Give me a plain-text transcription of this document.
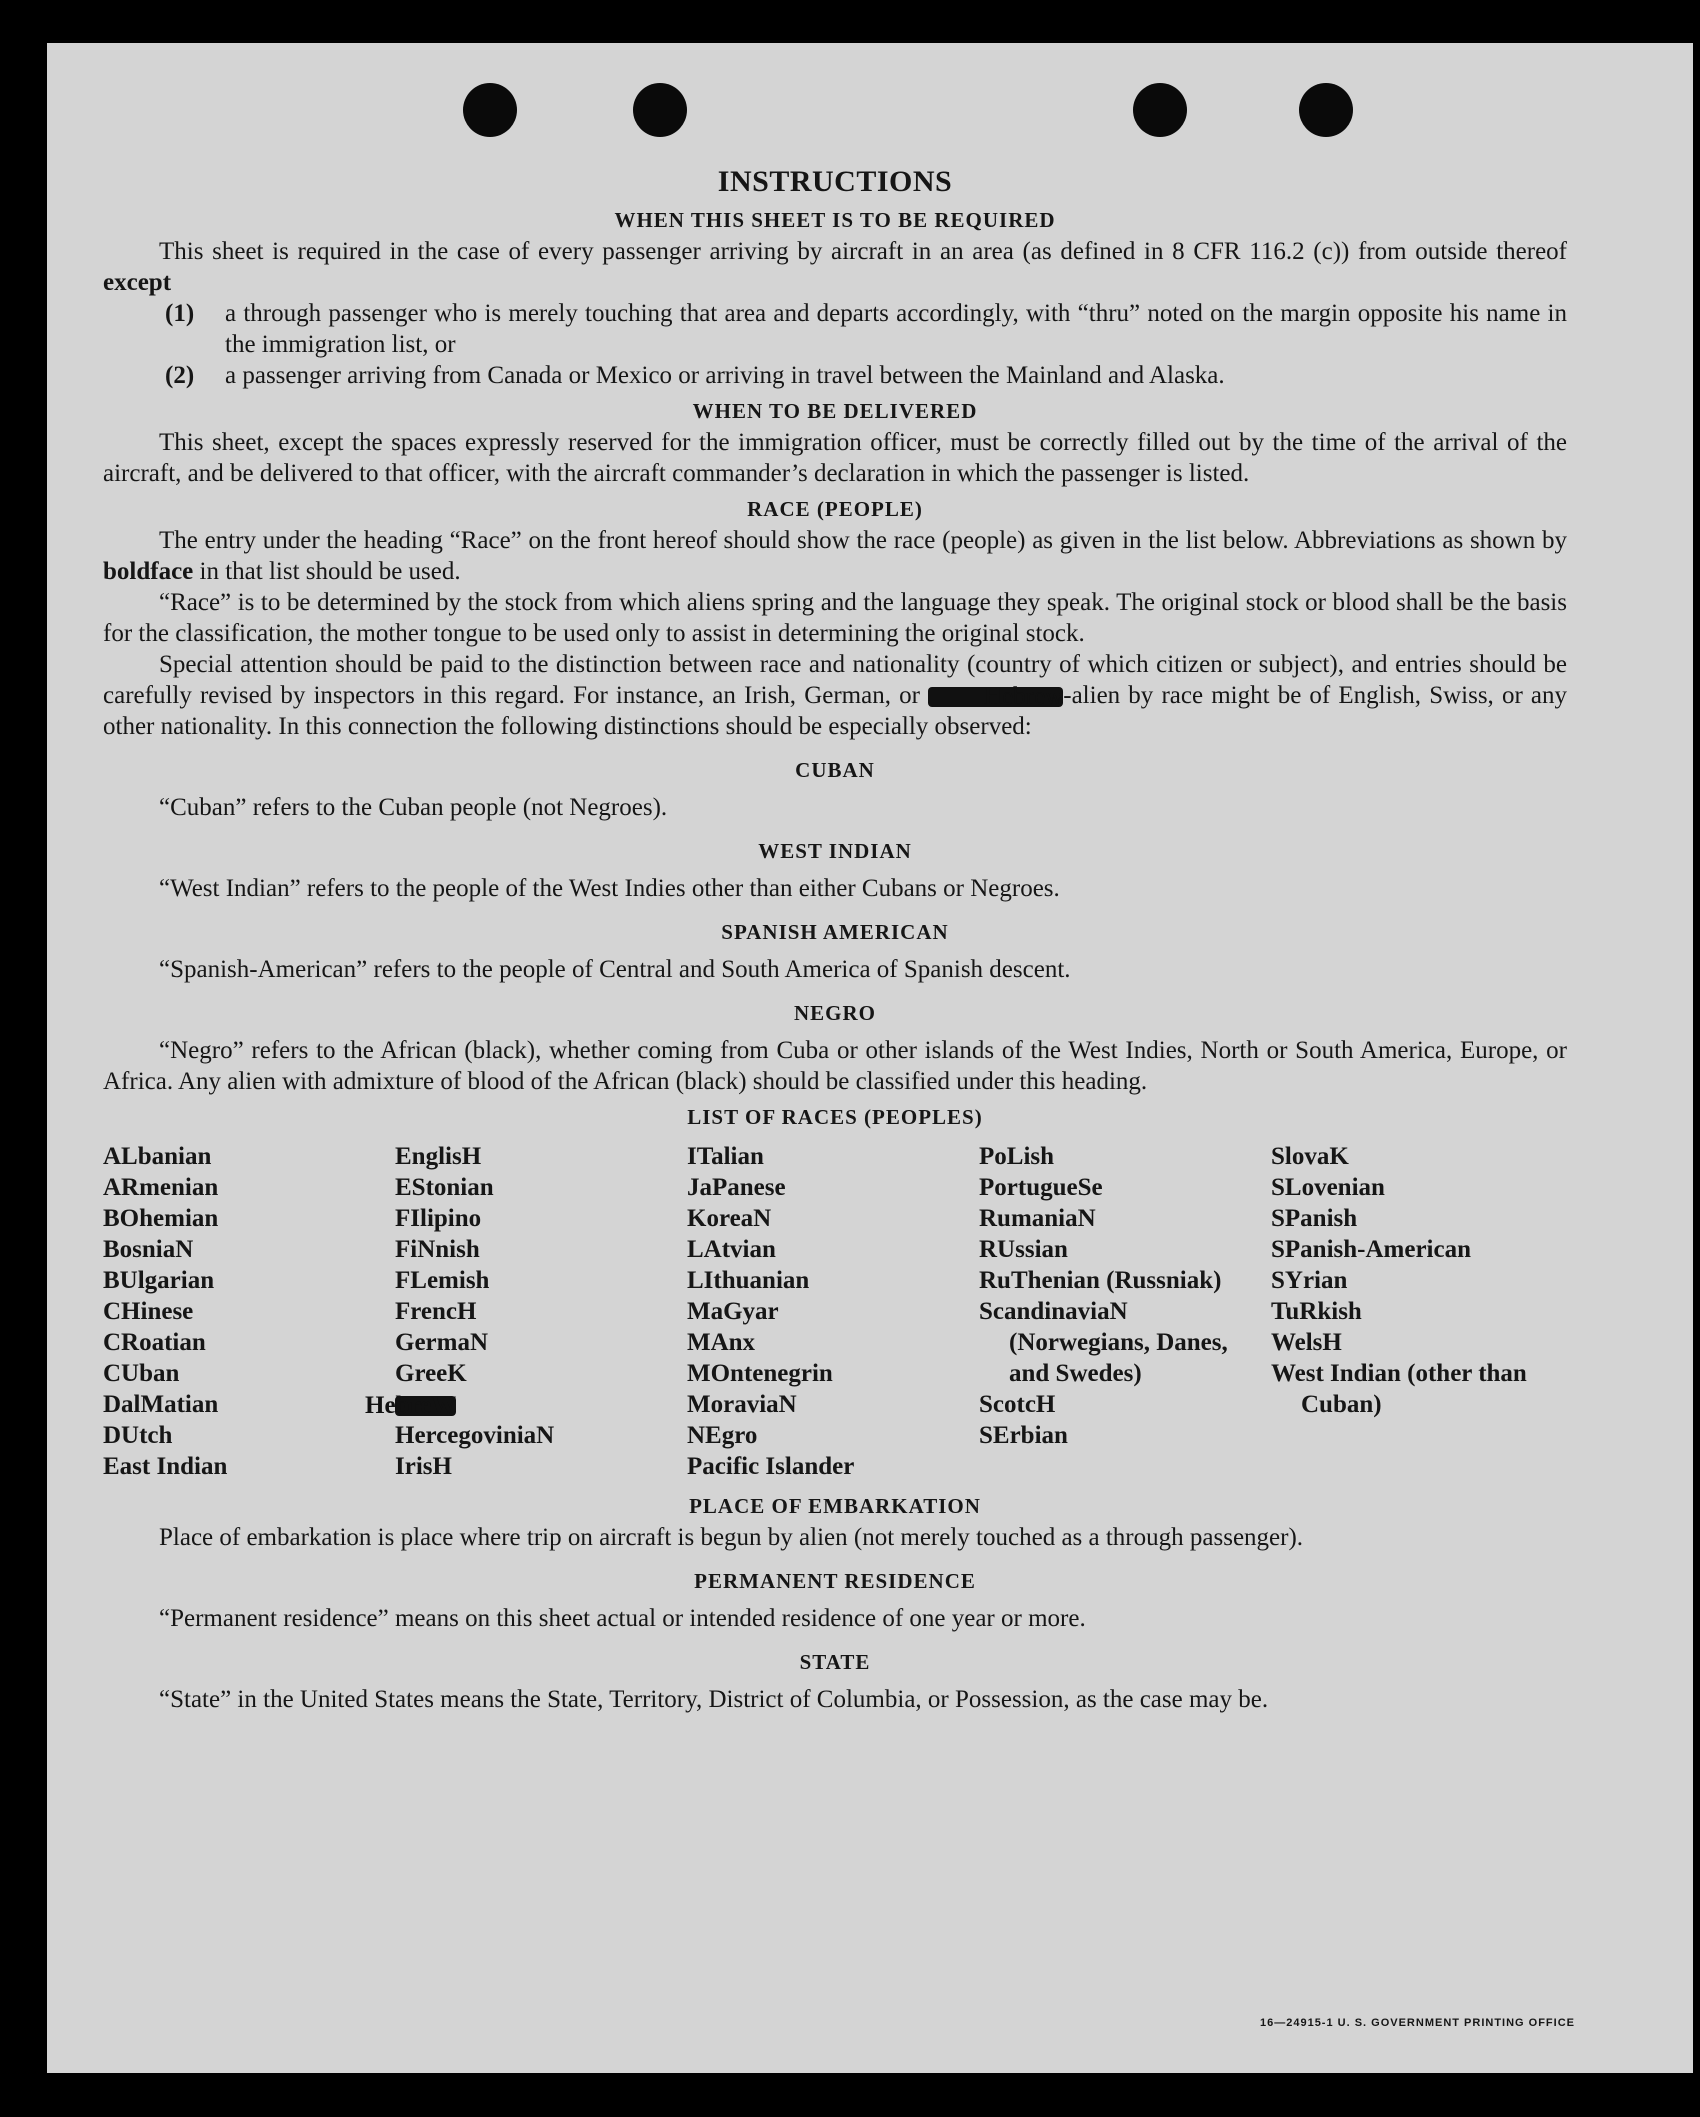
INSTRUCTIONS
WHEN THIS SHEET IS TO BE REQUIRED

This sheet is required in the case of every passenger arriving by aircraft in an area (as defined in 8 CFR 116.2 (c)) from outside thereof except

(1)	a through passenger who is merely touching that area and departs accordingly, with “thru” noted on the margin opposite his name in the immigration list, or
(2)	a passenger arriving from Canada or Mexico or arriving in travel between the Mainland and Alaska.
WHEN TO BE DELIVERED

This sheet, except the spaces expressly reserved for the immigration officer, must be correctly filled out by the time of the arrival of the aircraft, and be delivered to that officer, with the aircraft commander’s declaration in which the passenger is listed.

RACE (PEOPLE)

The entry under the heading “Race” on the front hereof should show the race (people) as given in the list below. Abbreviations as shown by boldface in that list should be used.

“Race” is to be determined by the stock from which aliens spring and the language they speak. The original stock or blood shall be the basis for the classification, the mother tongue to be used only to assist in determining the original stock.

Special attention should be paid to the distinction between race and nationality (country of which citizen or subject), and entries should be carefully revised by inspectors in this regard. For instance, an Irish, German, or	Hebrew-alien by race might be of English, Swiss, or any other nationality. In this connection the following distinctions should be especially observed:

CUBAN

“Cuban” refers to the Cuban people (not Negroes).

WEST INDIAN

“West Indian” refers to the people of the West Indies other than either Cubans or Negroes.

SPANISH AMERICAN

“Spanish-American” refers to the people of Central and South America of Spanish descent.

NEGRO

“Negro” refers to the African (black), whether coming from Cuba or other islands of the West Indies, North or South America, Europe, or Africa. Any alien with admixture of blood of the African (black) should be classified under this heading.

LIST OF RACES (PEOPLES)
ALbanian
ARmenian
BOhemian
BosniaN
BUlgarian
CHinese
CRoatian
CUban
DalMatian
DUtch
East Indian
EnglisH
EStonian
FIlipino
FiNnish
FLemish
FrencH
GermaN
GreeK
HebreW
HercegoviniaN
IrisH
ITalian
JaPanese
KoreaN
LAtvian
LIthuanian
MaGyar
MAnx
MOntenegrin
MoraviaN
NEgro
Pacific Islander
PoLish
PortugueSe
RumaniaN
RUssian
RuThenian (Russniak)
ScandinaviaN (Norwegians, Danes, and Swedes)
ScotcH
SErbian
SlovaK
SLovenian
SPanish
SPanish-American
SYrian
TuRkish
WelsH
West Indian (other than Cuban)
PLACE OF EMBARKATION

Place of embarkation is place where trip on aircraft is begun by alien (not merely touched as a through passenger).

PERMANENT RESIDENCE

“Permanent residence” means on this sheet actual or intended residence of one year or more.

STATE

“State” in the United States means the State, Territory, District of Columbia, or Possession, as the case may be.

16—24915-1 U. S. GOVERNMENT PRINTING OFFICE
